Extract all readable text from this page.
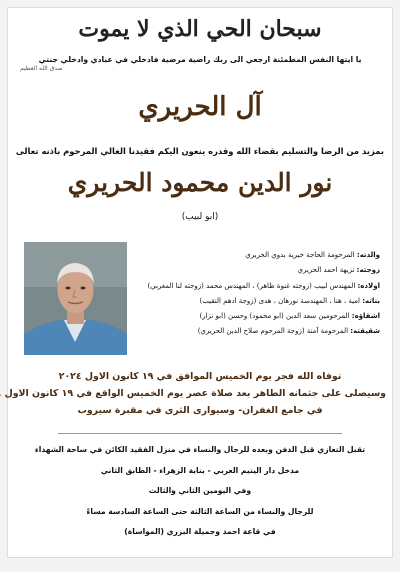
سبحان الحي الذي لا يموت
يا ايتها النفس المطمئنة ارجعي الى ربك راضية مرضية فادخلي في عبادي وادخلي جنتي
صدق الله العظيم
آل الحريري
بمزيد من الرضا والتسليم بقضاء الله وقدره ينعون اليكم فقيدنا الغالي المرحوم باذنه تعالى
نور الدين محمود الحريري
(ابو لبيب)
والدته: المرحومة الحاجة خيرية بدوي الحريري
زوجته: نزيهة احمد الحريري
اولاده: المهندس لبيب (زوجته غنوة ظاهر) ، المهندس محمد (زوجته لنا المغربي)
بناته: امية ، هنا ، المهندسة نورهان ، هدى (زوجة ادهم النقيب)
اشقاؤه: المرحومين سعد الدين (ابو محمود) وحسن (ابو نزار)
شقيقته: المرحومة آمنة (زوجة المرحوم صلاح الدين الحريري)
توفاه الله فجر يوم الخميس الموافق في ١٩ كانون الاول ٢٠٢٤
وسيصلى على جثمانه الطاهر بعد صلاة عصر يوم الخميس الواقع في ١٩ كانون الاول
في جامع الغفران- وسيوارى الثرى في مقبرة سيروب
تقبل التعازي قبل الدفن وبعده للرجال والنساء في منزل الفقيد الكائن في ساحة الشهداء
مدخل دار اليتيم العربي - بناية الزهراء - الطابق الثاني
وفي اليومين الثاني والثالث
للرجال والنساء من الساعة الثالثة حتى الساعة السادسة مساءً
في قاعة احمد وجميلة البزري (المواساة)
